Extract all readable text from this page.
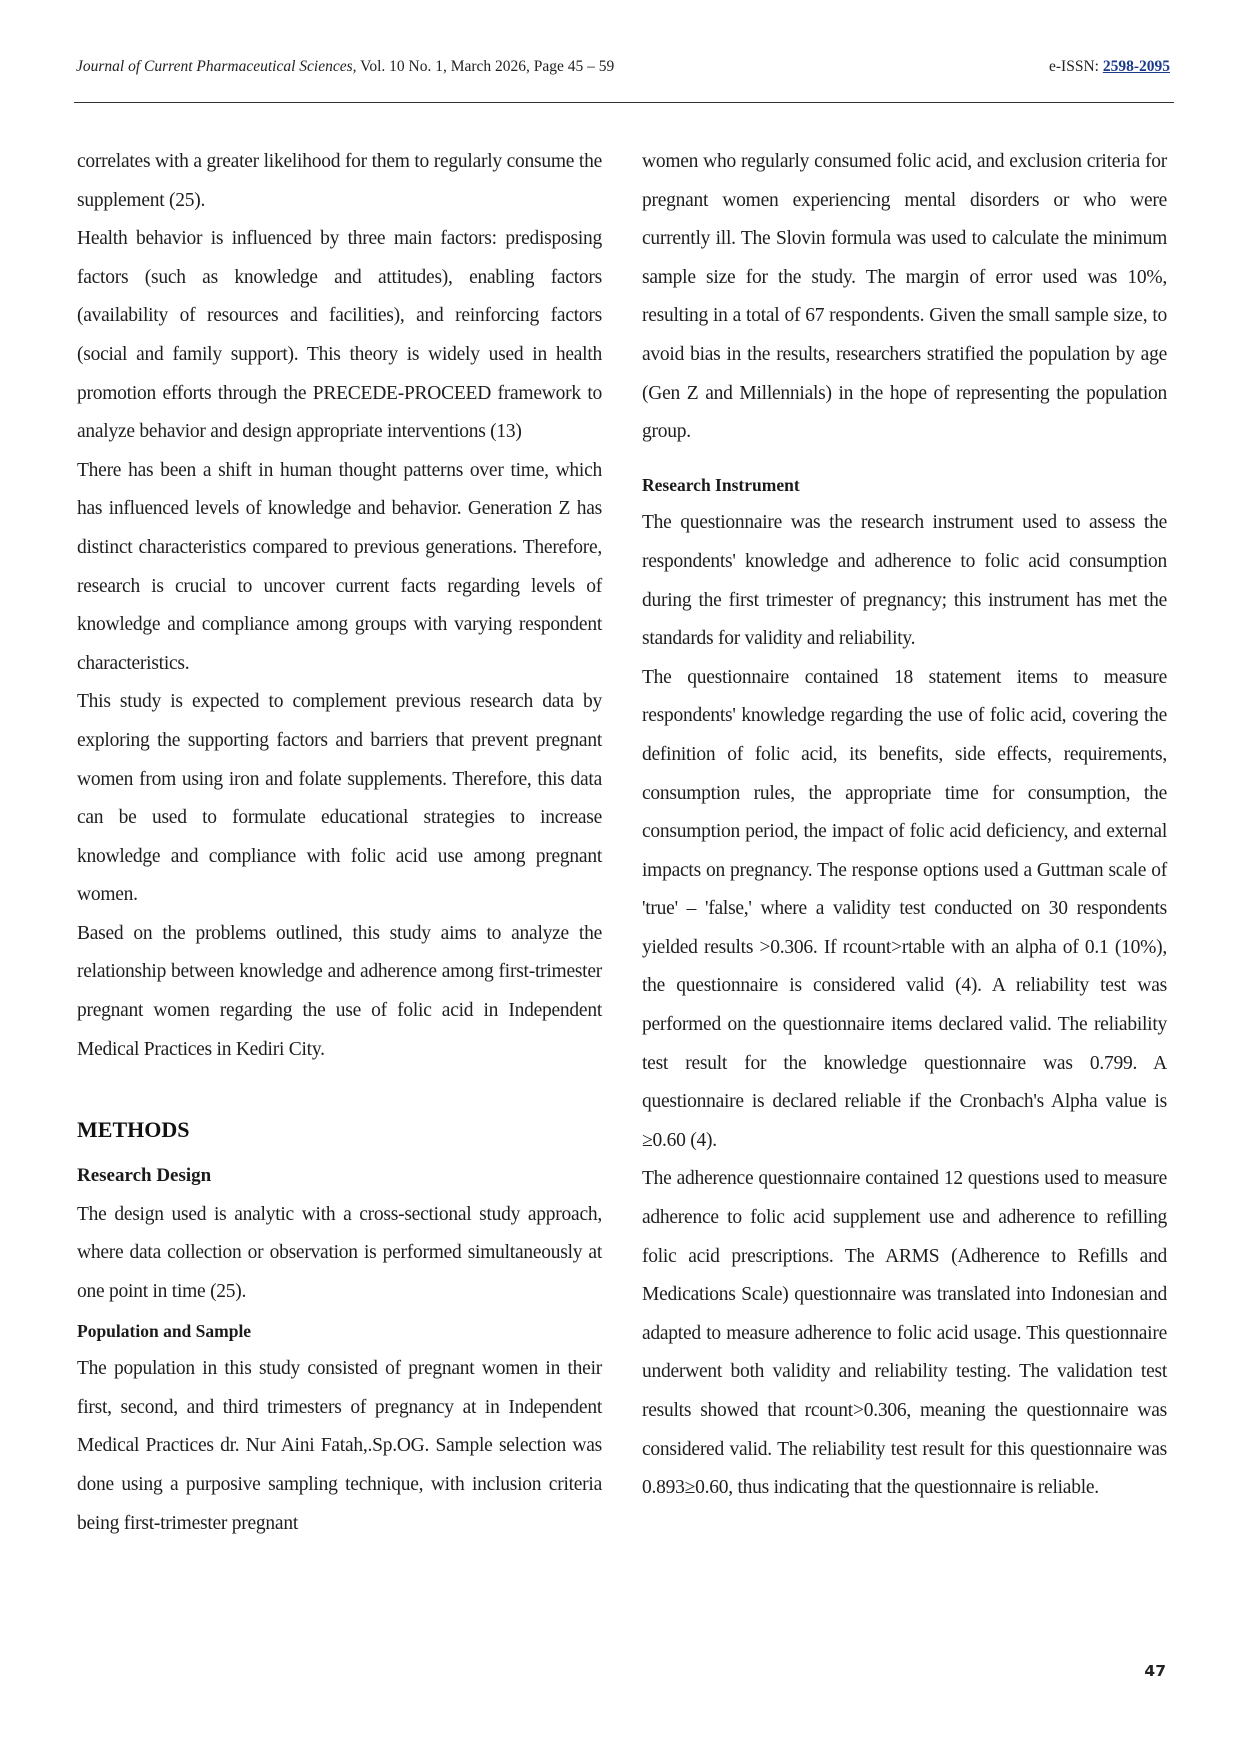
Journal of Current Pharmaceutical Sciences, Vol. 10 No. 1, March 2026, Page 45 – 59	e-ISSN: 2598-2095

correlates with a greater likelihood for them to regularly consume the supplement (25).

Health behavior is influenced by three main factors: predisposing factors (such as knowledge and attitudes), enabling factors (availability of resources and facilities), and reinforcing factors (social and family support). This theory is widely used in health promotion efforts through the PRECEDE-PROCEED framework to analyze behavior and design appropriate interventions (13)

There has been a shift in human thought patterns over time, which has influenced levels of knowledge and behavior. Generation Z has distinct characteristics compared to previous generations. Therefore, research is crucial to uncover current facts regarding levels of knowledge and compliance among groups with varying respondent characteristics.

This study is expected to complement previous research data by exploring the supporting factors and barriers that prevent pregnant women from using iron and folate supplements. Therefore, this data can be used to formulate educational strategies to increase knowledge and compliance with folic acid use among pregnant women.

Based on the problems outlined, this study aims to analyze the relationship between knowledge and adherence among first-trimester pregnant women regarding the use of folic acid in Independent Medical Practices in Kediri City.

METHODS
Research Design

The design used is analytic with a cross-sectional study approach, where data collection or observation is performed simultaneously at one point in time (25).

Population and Sample

The population in this study consisted of pregnant women in their first, second, and third trimesters of pregnancy at in Independent Medical Practices dr. Nur Aini Fatah,.Sp.OG. Sample selection was done using a purposive sampling technique, with inclusion criteria being first-trimester pregnant

women who regularly consumed folic acid, and exclusion criteria for pregnant women experiencing mental disorders or who were currently ill. The Slovin formula was used to calculate the minimum sample size for the study. The margin of error used was 10%, resulting in a total of 67 respondents. Given the small sample size, to avoid bias in the results, researchers stratified the population by age (Gen Z and Millennials) in the hope of representing the population group.

Research Instrument

The questionnaire was the research instrument used to assess the respondents' knowledge and adherence to folic acid consumption during the first trimester of pregnancy; this instrument has met the standards for validity and reliability.

The questionnaire contained 18 statement items to measure respondents' knowledge regarding the use of folic acid, covering the definition of folic acid, its benefits, side effects, requirements, consumption rules, the appropriate time for consumption, the consumption period, the impact of folic acid deficiency, and external impacts on pregnancy. The response options used a Guttman scale of 'true' – 'false,' where a validity test conducted on 30 respondents yielded results >0.306. If rcount>rtable with an alpha of 0.1 (10%), the questionnaire is considered valid (4). A reliability test was performed on the questionnaire items declared valid. The reliability test result for the knowledge questionnaire was 0.799. A questionnaire is declared reliable if the Cronbach's Alpha value is ≥0.60 (4).

The adherence questionnaire contained 12 questions used to measure adherence to folic acid supplement use and adherence to refilling folic acid prescriptions. The ARMS (Adherence to Refills and Medications Scale) questionnaire was translated into Indonesian and adapted to measure adherence to folic acid usage. This questionnaire underwent both validity and reliability testing. The validation test results showed that rcount>0.306, meaning the questionnaire was considered valid. The reliability test result for this questionnaire was 0.893≥0.60, thus indicating that the questionnaire is reliable.

47
